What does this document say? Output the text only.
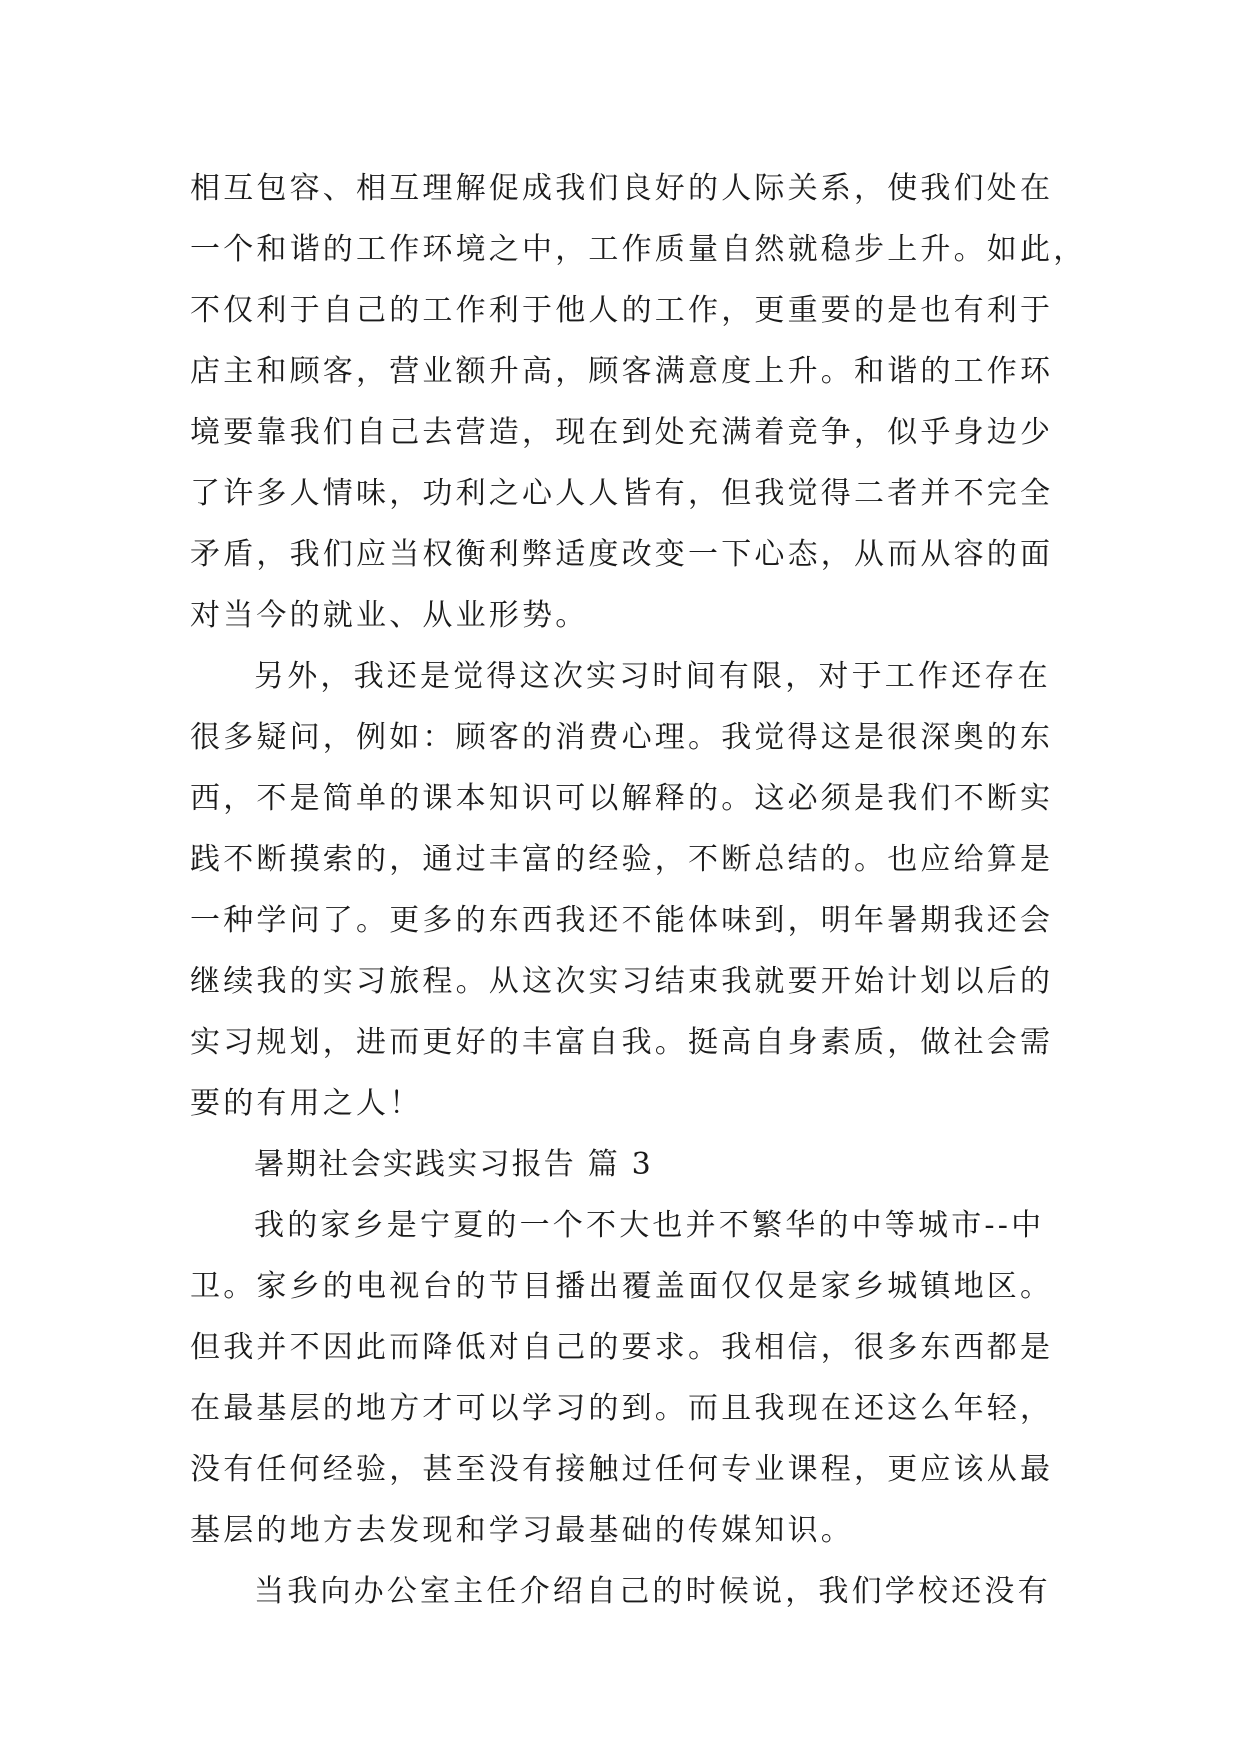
相互包容、相互理解促成我们良好的人际关系，使我们处在
一个和谐的工作环境之中，工作质量自然就稳步上升。如此，
不仅利于自己的工作利于他人的工作，更重要的是也有利于
店主和顾客，营业额升高，顾客满意度上升。和谐的工作环
境要靠我们自己去营造，现在到处充满着竞争，似乎身边少
了许多人情味，功利之心人人皆有，但我觉得二者并不完全
矛盾，我们应当权衡利弊适度改变一下心态，从而从容的面
对当今的就业、从业形势。
另外，我还是觉得这次实习时间有限，对于工作还存在
很多疑问，例如：顾客的消费心理。我觉得这是很深奥的东
西，不是简单的课本知识可以解释的。这必须是我们不断实
践不断摸索的，通过丰富的经验，不断总结的。也应给算是
一种学问了。更多的东西我还不能体味到，明年暑期我还会
继续我的实习旅程。从这次实习结束我就要开始计划以后的
实习规划，进而更好的丰富自我。挺高自身素质，做社会需
要的有用之人！
暑期社会实践实习报告 篇 3
我的家乡是宁夏的一个不大也并不繁华的中等城市--中
卫。家乡的电视台的节目播出覆盖面仅仅是家乡城镇地区。
但我并不因此而降低对自己的要求。我相信，很多东西都是
在最基层的地方才可以学习的到。而且我现在还这么年轻，
没有任何经验，甚至没有接触过任何专业课程，更应该从最
基层的地方去发现和学习最基础的传媒知识。
当我向办公室主任介绍自己的时候说，我们学校还没有
